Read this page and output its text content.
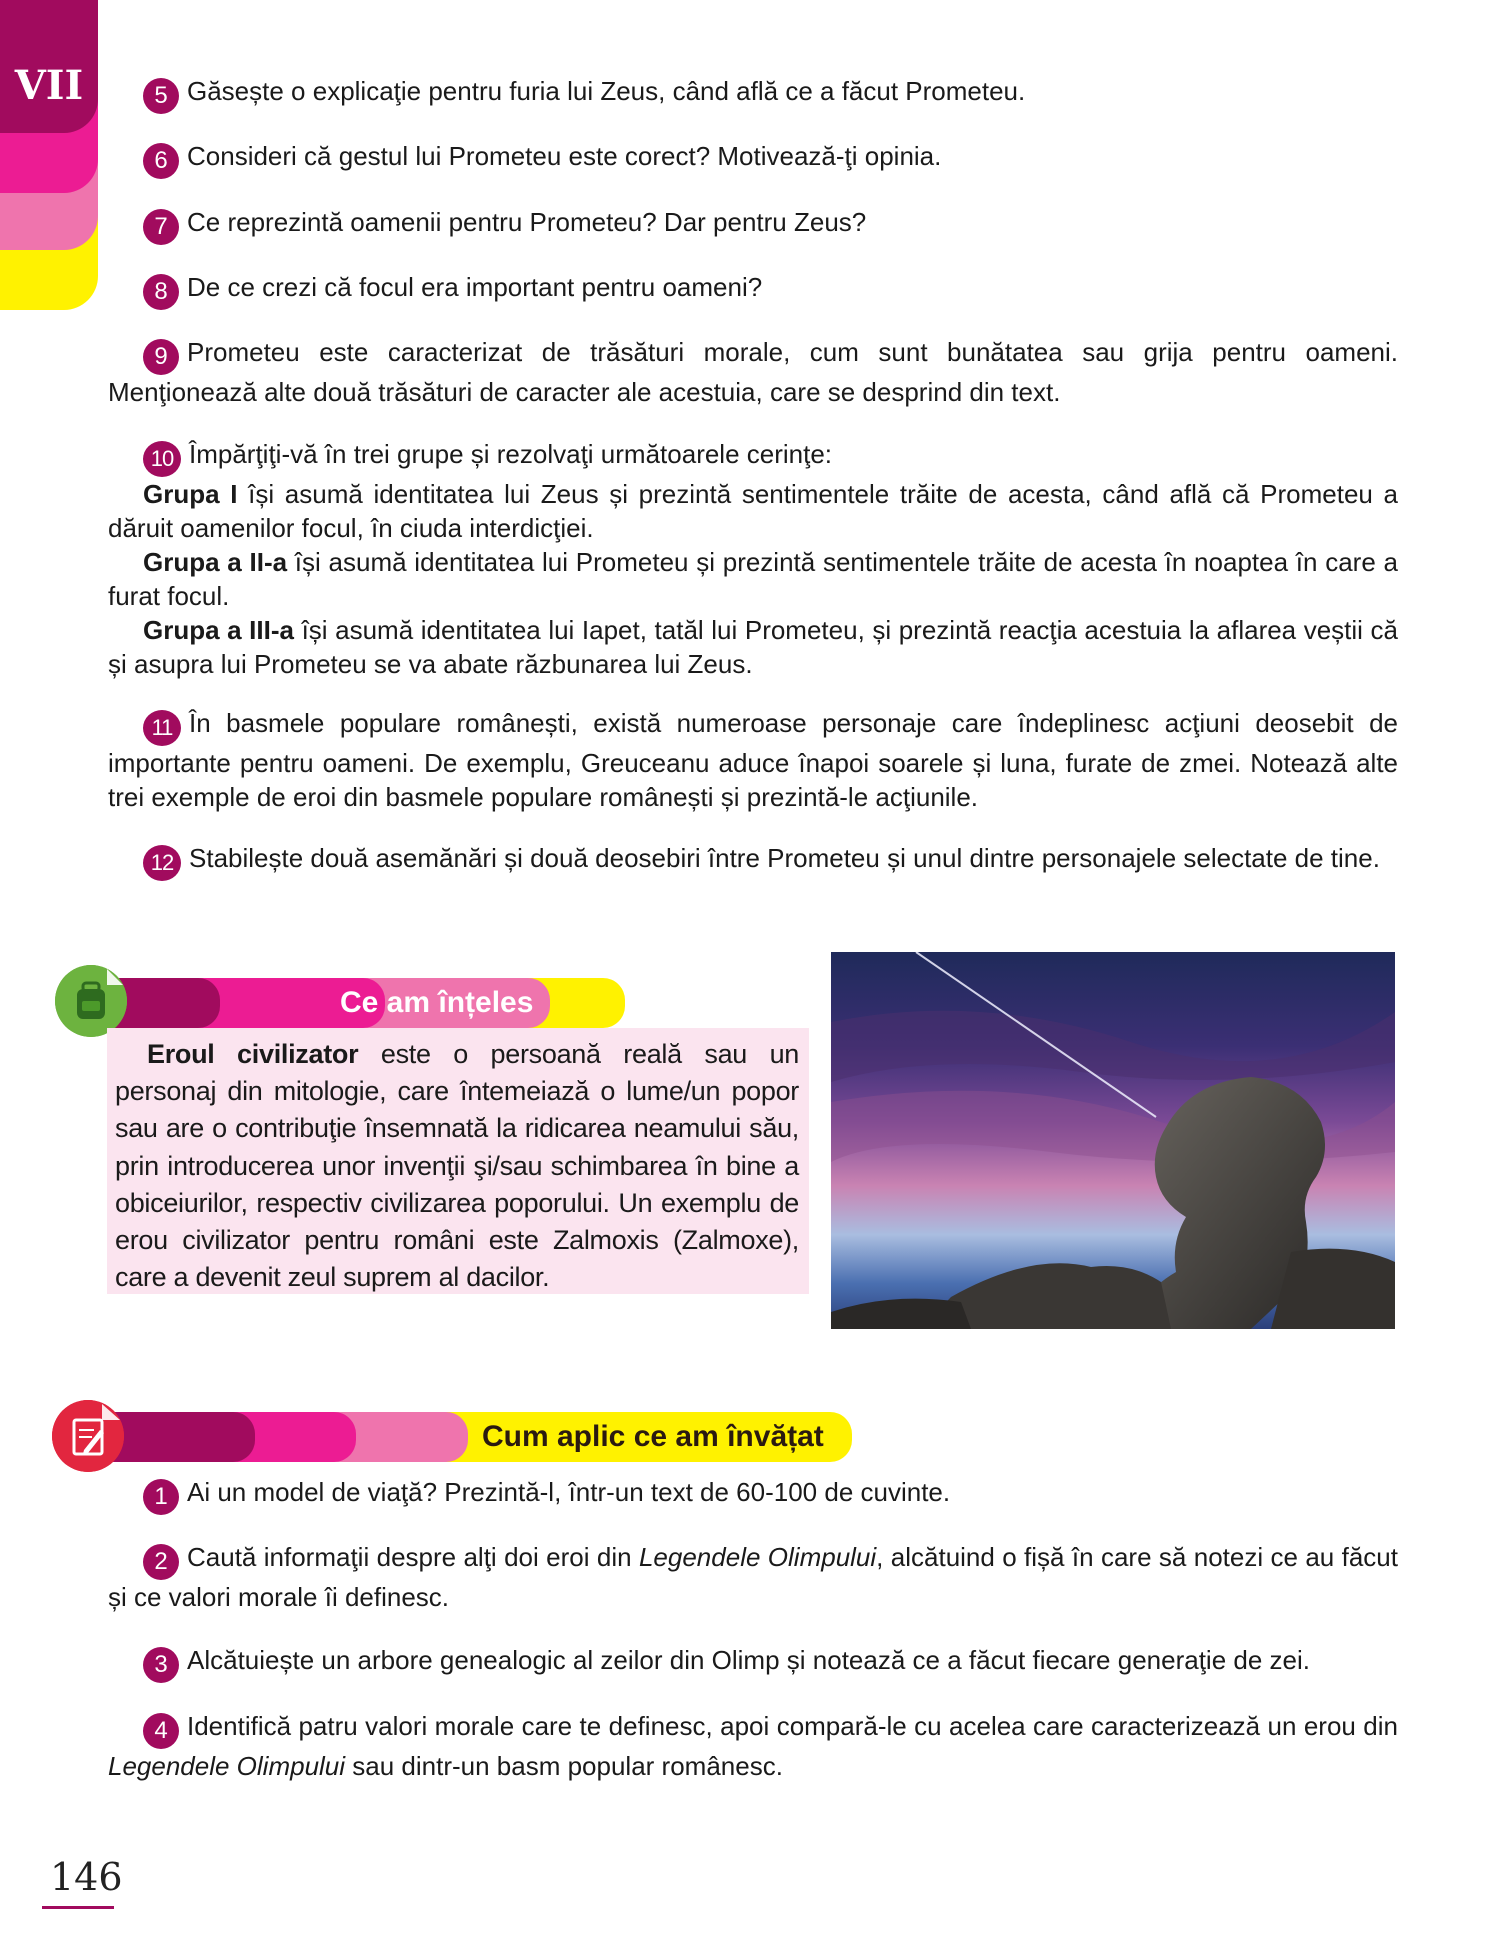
VII	5 Găsește o explicaţie pentru furia lui Zeus, când află ce a făcut Prometeu.
6 Consideri că gestul lui Prometeu este corect? Motivează-ţi opinia.
7 Ce reprezintă oamenii pentru Prometeu? Dar pentru Zeus?
8 De ce crezi că focul era important pentru oameni?
9 Prometeu este caracterizat de trăsături morale, cum sunt bunătatea sau grija pentru oameni. Menţionează alte două trăsături de caracter ale acestuia, care se desprind din text.
10 Împărţiţi-vă în trei grupe și rezolvaţi următoarele cerinţe:
Grupa I își asumă identitatea lui Zeus și prezintă sentimentele trăite de acesta, când află că Prometeu a dăruit oamenilor focul, în ciuda interdicţiei.
Grupa a II-a își asumă identitatea lui Prometeu și prezintă sentimentele trăite de acesta în noaptea în care a furat focul.
Grupa a III-a își asumă identitatea lui Iapet, tatăl lui Prometeu, și prezintă reacţia acestuia la aflarea veștii că și asupra lui Prometeu se va abate răzbunarea lui Zeus.
11 În basmele populare românești, există numeroase personaje care îndeplinesc acţiuni deosebit de importante pentru oameni. De exemplu, Greuceanu aduce înapoi soarele și luna, furate de zmei. Notează alte trei exemple de eroi din basmele populare românești și prezintă-le acţiunile.
12 Stabilește două asemănări și două deosebiri între Prometeu și unul dintre personajele selectate de tine.
Ce am înțeles
Eroul civilizator este o persoană reală sau un personaj din mitologie, care întemeiază o lume/un popor sau are o contribuţie însemnată la ridicarea neamului său, prin introducerea unor invenţii şi/sau schimbarea în bine a obiceiurilor, respectiv civilizarea poporului. Un exemplu de erou civilizator pentru români este Zalmoxis (Zalmoxe), care a devenit zeul suprem al dacilor.
Cum aplic ce am învățat
1 Ai un model de viaţă? Prezintă-l, într-un text de 60-100 de cuvinte.
2 Caută informaţii despre alţi doi eroi din Legendele Olimpului, alcătuind o fișă în care să notezi ce au făcut și ce valori morale îi definesc.
3 Alcătuiește un arbore genealogic al zeilor din Olimp și notează ce a făcut fiecare generaţie de zei.
4 Identifică patru valori morale care te definesc, apoi compară-le cu acelea care caracterizează un erou din Legendele Olimpului sau dintr-un basm popular românesc.
146
